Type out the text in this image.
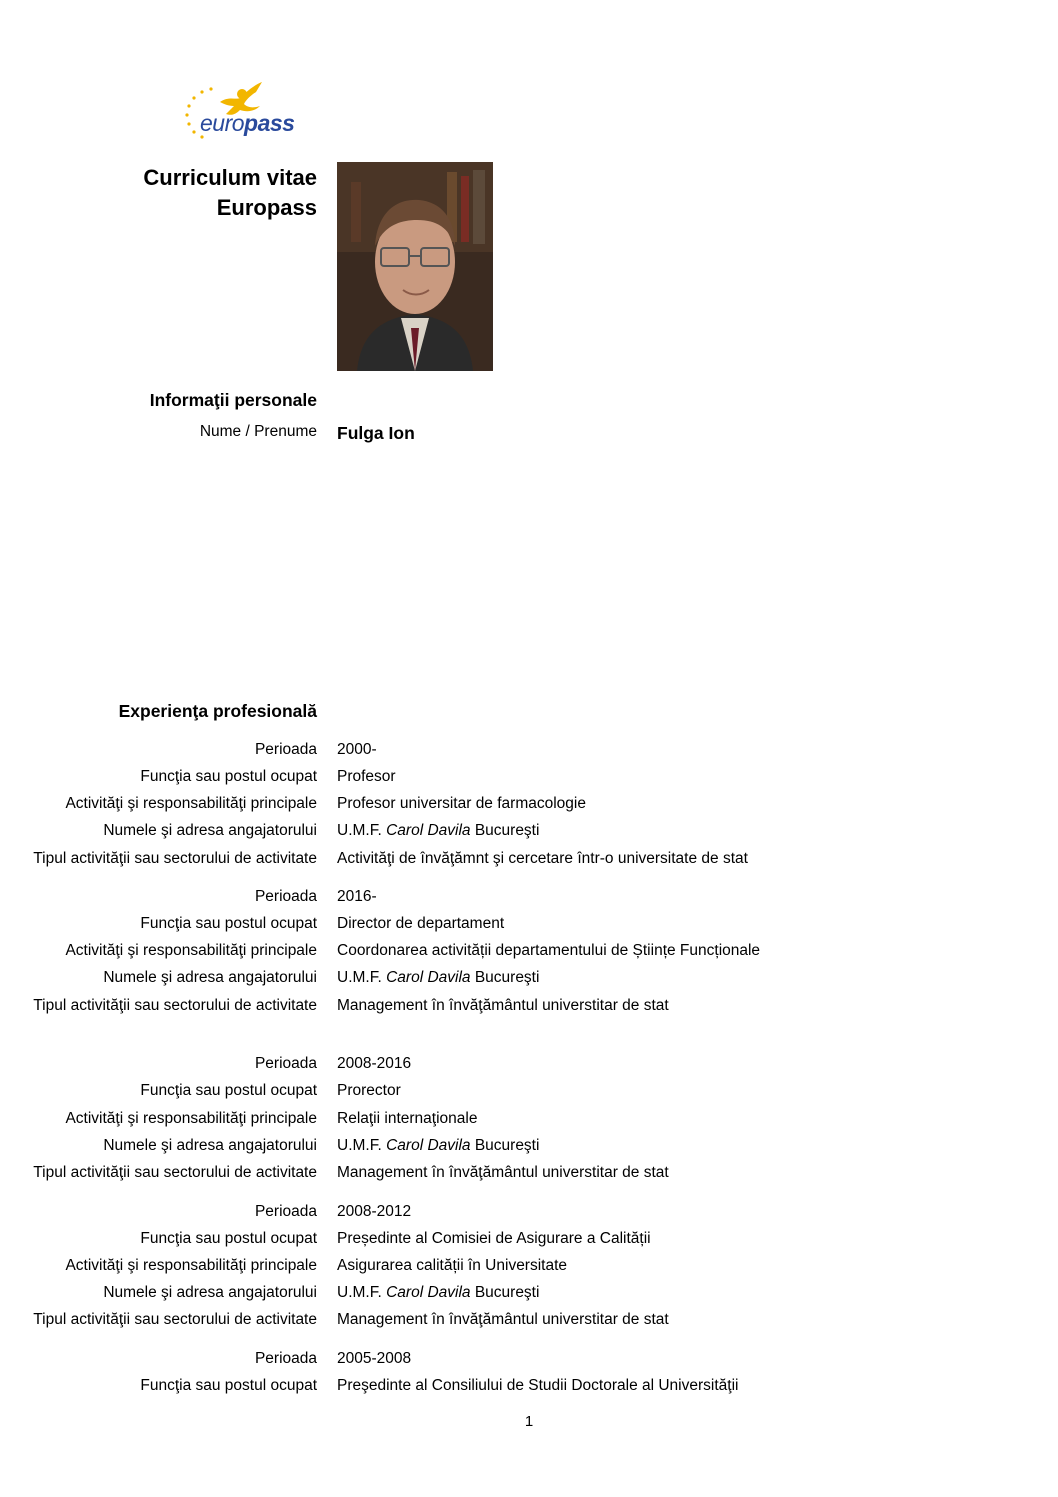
europass
Curriculum vitae
Europass
Informaţii personale
Nume / Prenume Fulga Ion
Experienţa profesională
Perioada 2000-
Funcţia sau postul ocupat Profesor
Activităţi şi responsabilităţi principale Profesor universitar de farmacologie
Numele şi adresa angajatorului U.M.F. Carol Davila Bucureşti
Tipul activităţii sau sectorului de activitate Activităţi de învăţămnt şi cercetare într-o universitate de stat
Perioada 2016-
Funcţia sau postul ocupat Director de departament
Activităţi şi responsabilităţi principale Coordonarea activității departamentului de Științe Funcționale
Numele şi adresa angajatorului U.M.F. Carol Davila Bucureşti
Tipul activităţii sau sectorului de activitate Management în învăţământul universtitar de stat
Perioada 2008-2016
Funcţia sau postul ocupat Prorector
Activităţi şi responsabilităţi principale Relaţii internaţionale
Numele şi adresa angajatorului U.M.F. Carol Davila Bucureşti
Tipul activităţii sau sectorului de activitate Management în învăţământul universtitar de stat
Perioada 2008-2012
Funcţia sau postul ocupat Președinte al Comisiei de Asigurare a Calității
Activităţi şi responsabilităţi principale Asigurarea calității în Universitate
Numele şi adresa angajatorului U.M.F. Carol Davila Bucureşti
Tipul activităţii sau sectorului de activitate Management în învăţământul universtitar de stat
Perioada 2005-2008
Funcţia sau postul ocupat Preşedinte al Consiliului de Studii Doctorale al Universităţii
1
